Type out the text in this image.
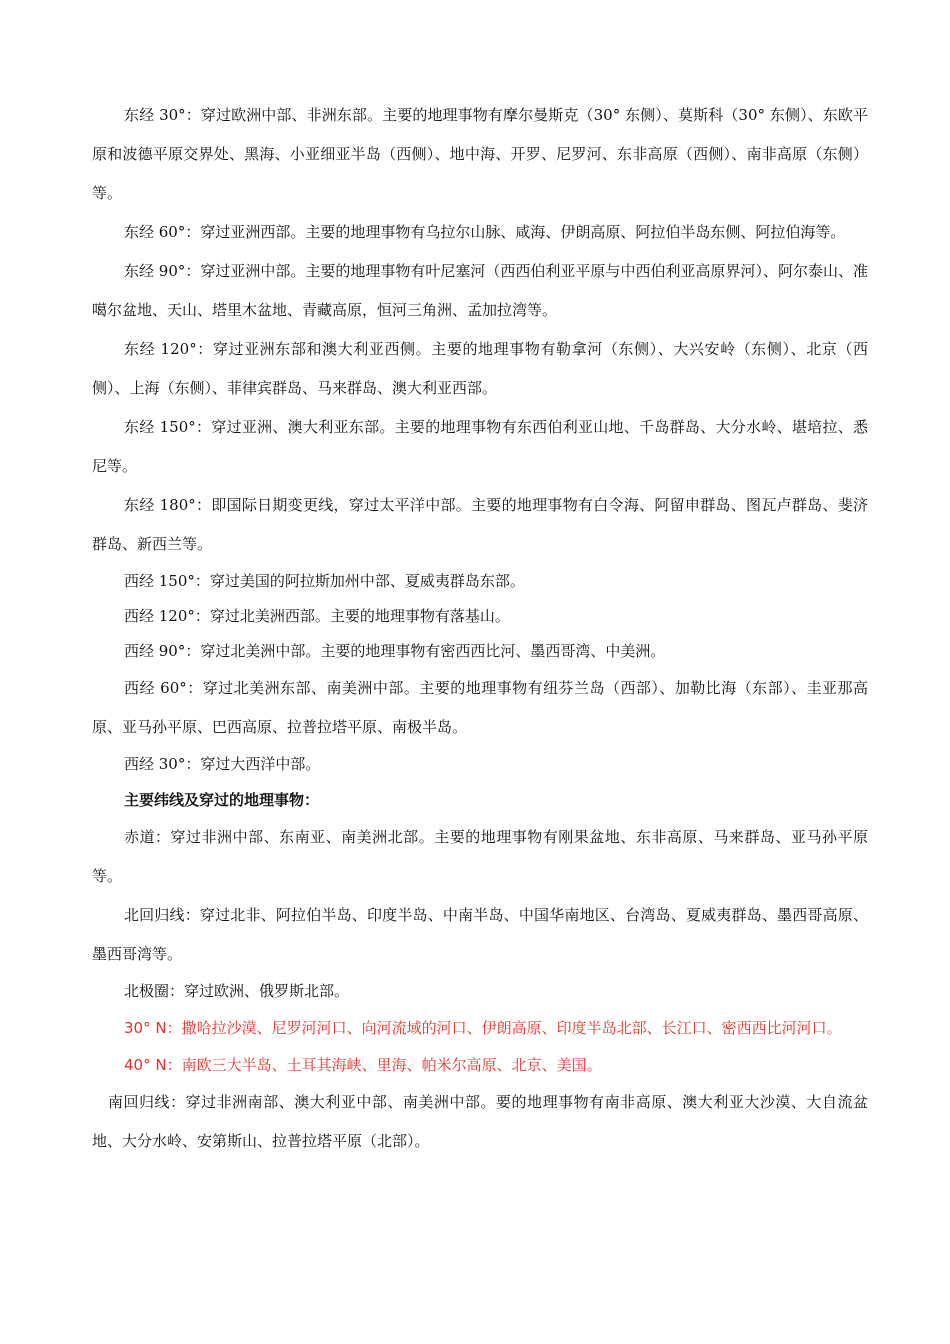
东经 30°：穿过欧洲中部、非洲东部。主要的地理事物有摩尔曼斯克（30° 东侧）、莫斯科（30° 东侧）、东欧平原和波德平原交界处、黑海、小亚细亚半岛（西侧）、地中海、开罗、尼罗河、东非高原（西侧）、南非高原（东侧）等。

东经 60°：穿过亚洲西部。主要的地理事物有乌拉尔山脉、咸海、伊朗高原、阿拉伯半岛东侧、阿拉伯海等。

东经 90°：穿过亚洲中部。主要的地理事物有叶尼塞河（西西伯利亚平原与中西伯利亚高原界河）、阿尔泰山、准噶尔盆地、天山、塔里木盆地、青藏高原，恒河三角洲、孟加拉湾等。

东经 120°：穿过亚洲东部和澳大利亚西侧。主要的地理事物有勒拿河（东侧）、大兴安岭（东侧）、北京（西侧）、上海（东侧）、菲律宾群岛、马来群岛、澳大利亚西部。

东经 150°：穿过亚洲、澳大利亚东部。主要的地理事物有东西伯利亚山地、千岛群岛、大分水岭、堪培拉、悉尼等。

东经 180°：即国际日期变更线，穿过太平洋中部。主要的地理事物有白令海、阿留申群岛、图瓦卢群岛、斐济群岛、新西兰等。

西经 150°：穿过美国的阿拉斯加州中部、夏威夷群岛东部。

西经 120°：穿过北美洲西部。主要的地理事物有落基山。

西经 90°：穿过北美洲中部。主要的地理事物有密西西比河、墨西哥湾、中美洲。

西经 60°：穿过北美洲东部、南美洲中部。主要的地理事物有纽芬兰岛（西部）、加勒比海（东部）、圭亚那高原、亚马孙平原、巴西高原、拉普拉塔平原、南极半岛。

西经 30°：穿过大西洋中部。

主要纬线及穿过的地理事物：

赤道：穿过非洲中部、东南亚、南美洲北部。主要的地理事物有刚果盆地、东非高原、马来群岛、亚马孙平原等。

北回归线：穿过北非、阿拉伯半岛、印度半岛、中南半岛、中国华南地区、台湾岛、夏威夷群岛、墨西哥高原、墨西哥湾等。

北极圈：穿过欧洲、俄罗斯北部。

30° N：撒哈拉沙漠、尼罗河河口、向河流域的河口、伊朗高原、印度半岛北部、长江口、密西西比河河口。

40° N：南欧三大半岛、土耳其海峡、里海、帕米尔高原、北京、美国。

南回归线：穿过非洲南部、澳大利亚中部、南美洲中部。要的地理事物有南非高原、澳大利亚大沙漠、大自流盆地、大分水岭、安第斯山、拉普拉塔平原（北部）。
